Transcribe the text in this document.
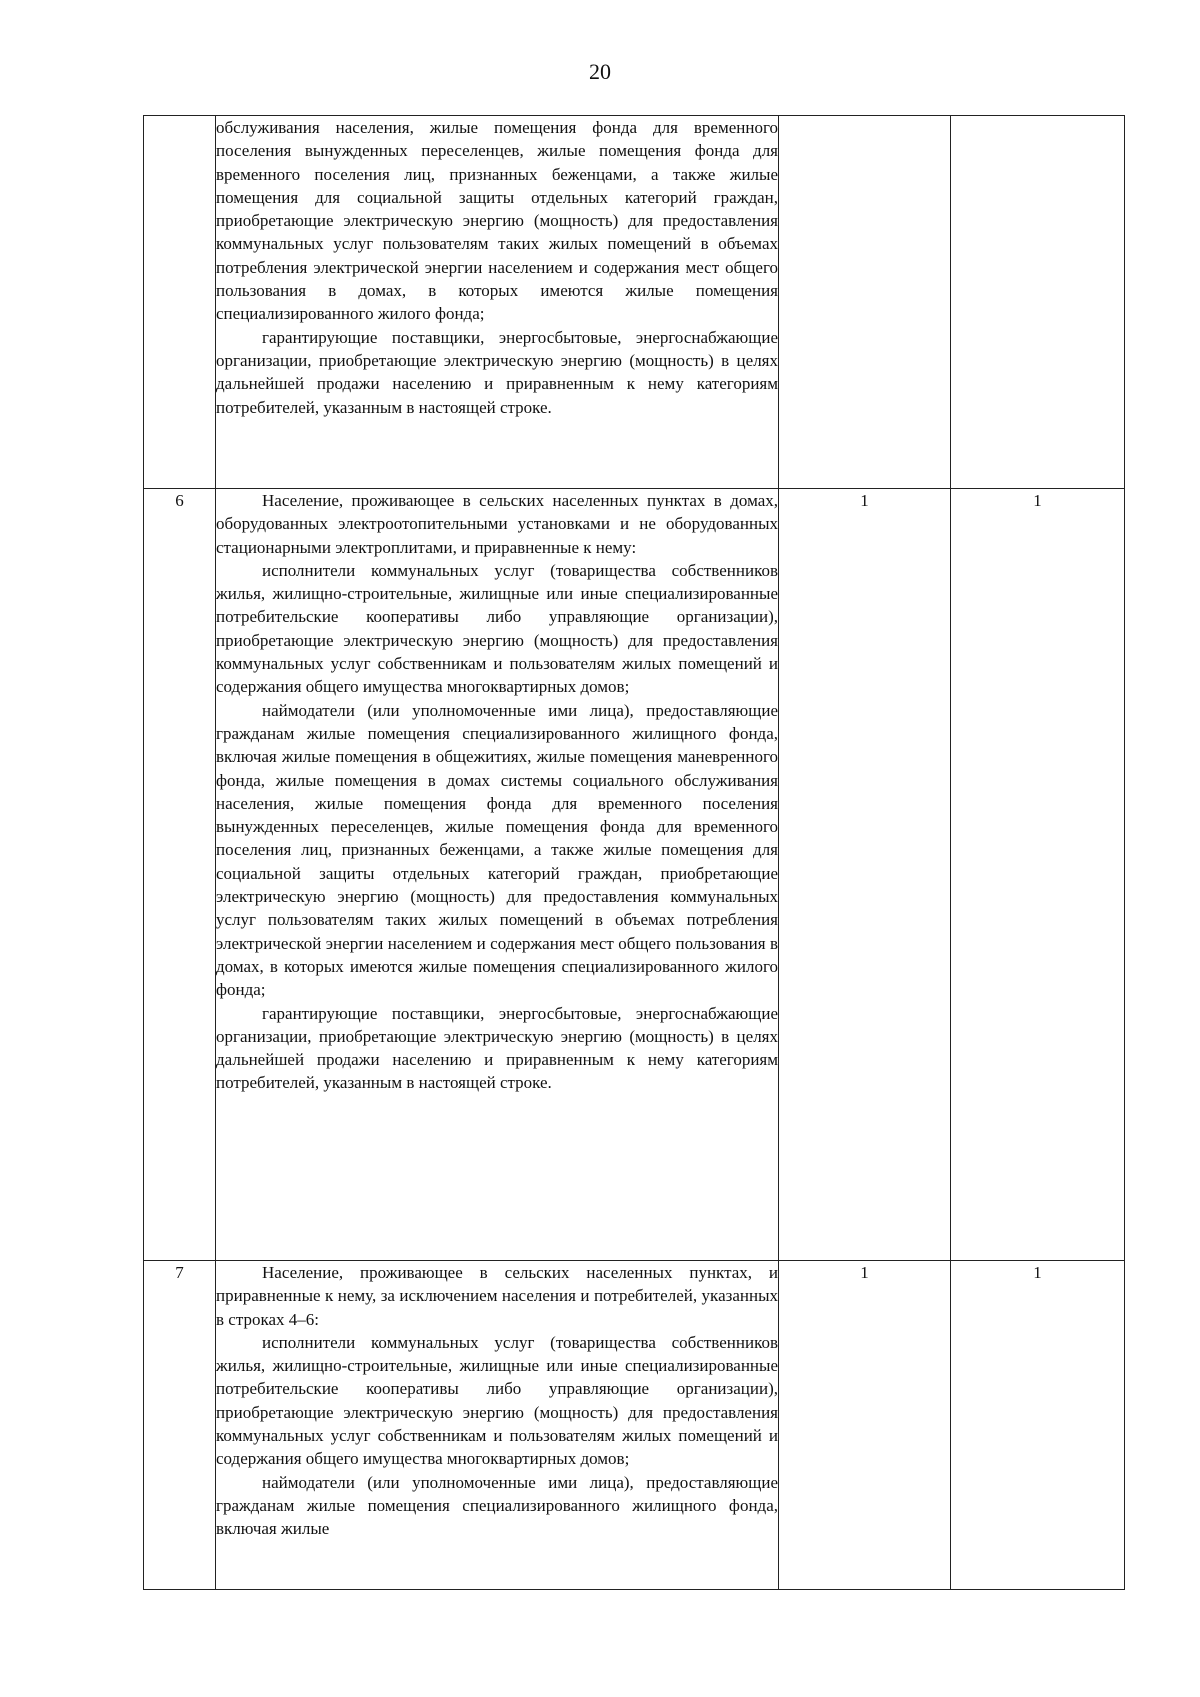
20

	обслуживания населения, жилые помещения фонда для временного поселения вынужденных переселенцев, жилые помещения фонда для временного поселения лиц, признанных беженцами, а также жилые помещения для социальной защиты отдельных категорий граждан, приобретающие электрическую энергию (мощность) для предоставления коммунальных услуг пользователям таких жилых помещений в объемах потребления электрической энергии населением и содержания мест общего пользования в домах, в которых имеются жилые помещения специализированного жилого фонда;

гарантирующие поставщики, энергосбытовые, энергоснабжающие организации, приобретающие электрическую энергию (мощность) в целях дальнейшей продажи населению и приравненным к нему категориям потребителей, указанным в настоящей строке.		

6	Население, проживающее в сельских населенных пунктах в домах, оборудованных электроотопительными установками и не оборудованных стационарными электроплитами, и приравненные к нему:

исполнители коммунальных услуг (товарищества собственников жилья, жилищно-строительные, жилищные или иные специализированные потребительские кооперативы либо управляющие организации), приобретающие электрическую энергию (мощность) для предоставления коммунальных услуг собственникам и пользователям жилых помещений и содержания общего имущества многоквартирных домов;

наймодатели (или уполномоченные ими лица), предоставляющие гражданам жилые помещения специализированного жилищного фонда, включая жилые помещения в общежитиях, жилые помещения маневренного фонда, жилые помещения в домах системы социального обслуживания населения, жилые помещения фонда для временного поселения вынужденных переселенцев, жилые помещения фонда для временного поселения лиц, признанных беженцами, а также жилые помещения для социальной защиты отдельных категорий граждан, приобретающие электрическую энергию (мощность) для предоставления коммунальных услуг пользователям таких жилых помещений в объемах потребления электрической энергии населением и содержания мест общего пользования в домах, в которых имеются жилые помещения специализированного жилого фонда;

гарантирующие поставщики, энергосбытовые, энергоснабжающие организации, приобретающие электрическую энергию (мощность) в целях дальнейшей продажи населению и приравненным к нему категориям потребителей, указанным в настоящей строке.	1	1
7	Население, проживающее в сельских населенных пунктах, и приравненные к нему, за исключением населения и потребителей, указанных в строках 4–6:

исполнители коммунальных услуг (товарищества собственников жилья, жилищно-строительные, жилищные или иные специализированные потребительские кооперативы либо управляющие организации), приобретающие электрическую энергию (мощность) для предоставления коммунальных услуг собственникам и пользователям жилых помещений и содержания общего имущества многоквартирных домов;

наймодатели (или уполномоченные ими лица), предоставляющие гражданам жилые помещения специализированного жилищного фонда, включая жилые	1	1
